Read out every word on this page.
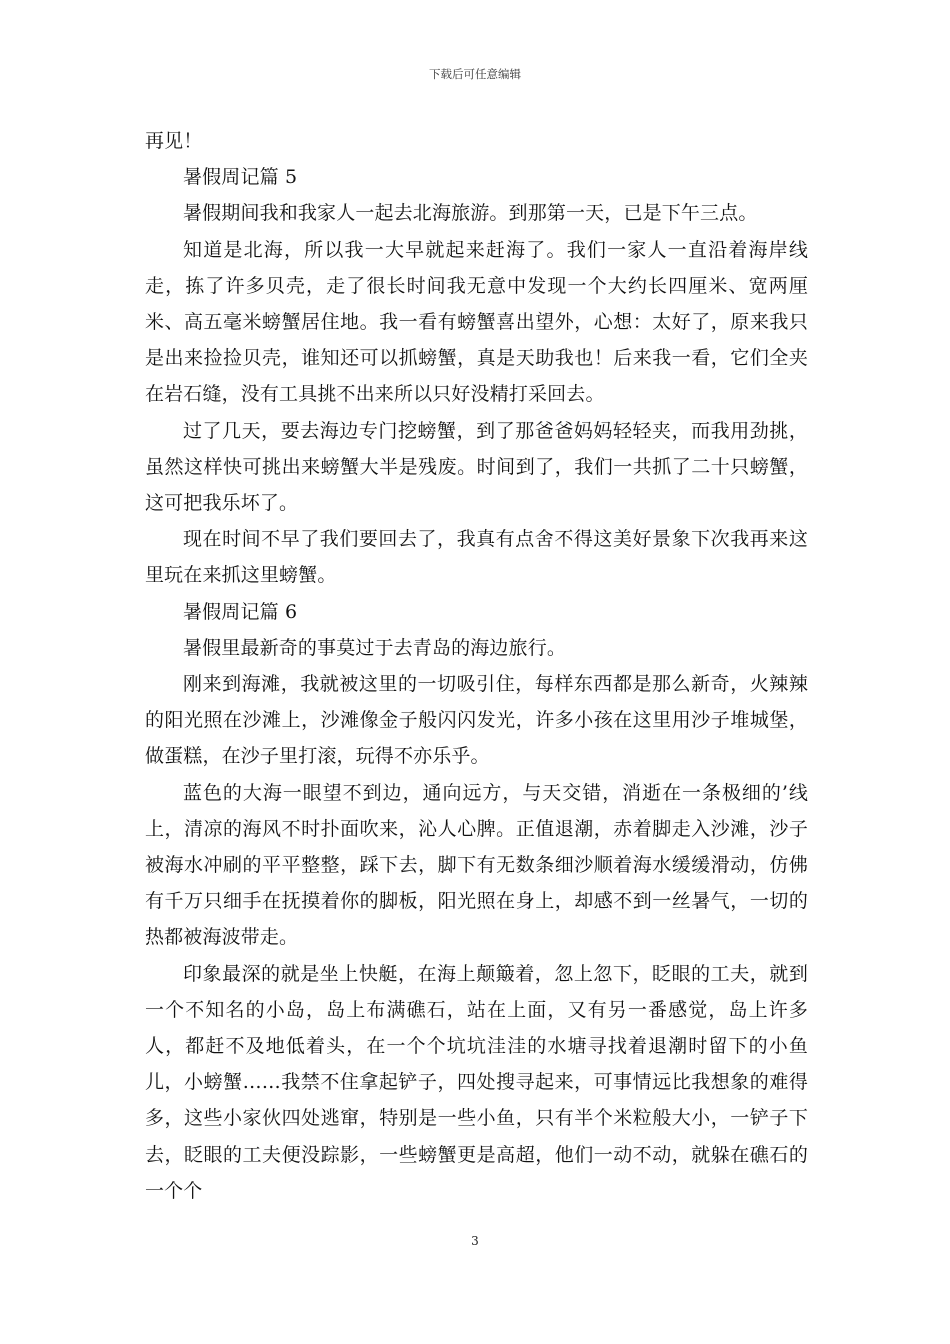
下载后可任意编辑

再见！

暑假周记篇 5

暑假期间我和我家人一起去北海旅游。到那第一天，已是下午三点。

知道是北海，所以我一大早就起来赶海了。我们一家人一直沿着海岸线走，拣了许多贝壳，走了很长时间我无意中发现一个大约长四厘米、宽两厘米、高五毫米螃蟹居住地。我一看有螃蟹喜出望外，心想：太好了，原来我只是出来捡捡贝壳，谁知还可以抓螃蟹，真是天助我也！后来我一看，它们全夹在岩石缝，没有工具挑不出来所以只好没精打采回去。

过了几天，要去海边专门挖螃蟹，到了那爸爸妈妈轻轻夹，而我用劲挑，虽然这样快可挑出来螃蟹大半是残废。时间到了，我们一共抓了二十只螃蟹，这可把我乐坏了。

现在时间不早了我们要回去了，我真有点舍不得这美好景象下次我再来这里玩在来抓这里螃蟹。

暑假周记篇 6

暑假里最新奇的事莫过于去青岛的海边旅行。

刚来到海滩，我就被这里的一切吸引住，每样东西都是那么新奇，火辣辣的阳光照在沙滩上，沙滩像金子般闪闪发光，许多小孩在这里用沙子堆城堡，做蛋糕，在沙子里打滚，玩得不亦乐乎。

蓝色的大海一眼望不到边，通向远方，与天交错，消逝在一条极细的’线上，清凉的海风不时扑面吹来，沁人心脾。正值退潮，赤着脚走入沙滩，沙子被海水冲刷的平平整整，踩下去，脚下有无数条细沙顺着海水缓缓滑动，仿佛有千万只细手在抚摸着你的脚板，阳光照在身上，却感不到一丝暑气，一切的热都被海波带走。

印象最深的就是坐上快艇，在海上颠簸着，忽上忽下，眨眼的工夫，就到一个不知名的小岛，岛上布满礁石，站在上面，又有另一番感觉，岛上许多人，都赶不及地低着头，在一个个坑坑洼洼的水塘寻找着退潮时留下的小鱼儿，小螃蟹……我禁不住拿起铲子，四处搜寻起来，可事情远比我想象的难得多，这些小家伙四处逃窜，特别是一些小鱼，只有半个米粒般大小，一铲子下去，眨眼的工夫便没踪影，一些螃蟹更是高超，他们一动不动，就躲在礁石的一个个

3
